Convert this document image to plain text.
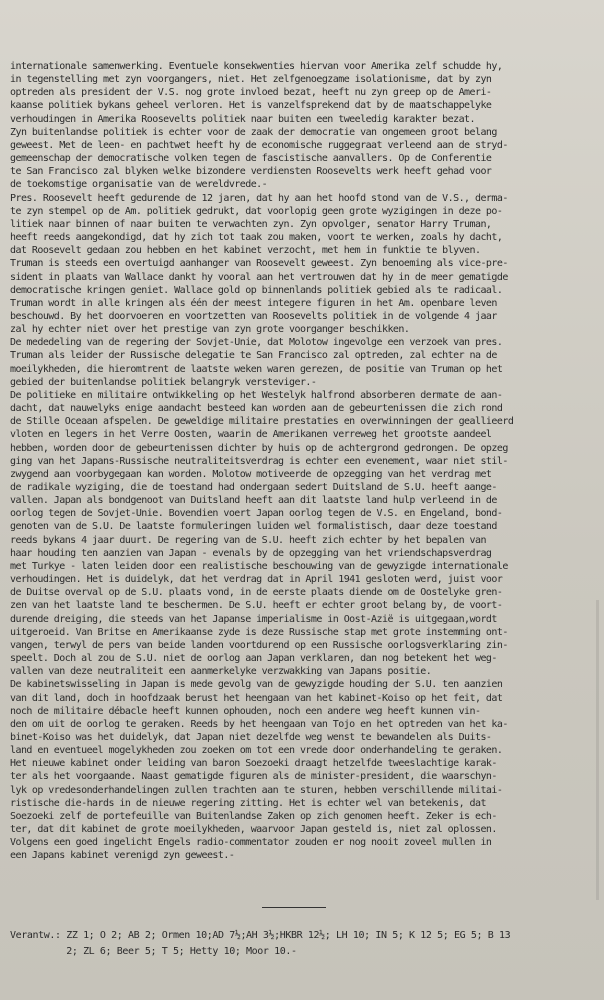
internationale samenwerking. Eventuele konsekwenties hiervan voor Amerika zelf schudde hy,
in tegenstelling met zyn voorgangers, niet. Het zelfgenoegzame isolationisme, dat by zyn
optreden als president der V.S. nog grote invloed bezat, heeft nu zyn greep op de Ameri-
kaanse politiek bykans geheel verloren. Het is vanzelfsprekend dat by de maatschappelyke
verhoudingen in Amerika Roosevelts politiek naar buiten een tweeledig karakter bezat.
Zyn buitenlandse politiek is echter voor de zaak der democratie van ongemeen groot belang
geweest. Met de leen- en pachtwet heeft hy de economische ruggegraat verleend aan de stryd-
gemeenschap der democratische volken tegen de fascistische aanvallers. Op de Conferentie
te San Francisco zal blyken welke bizondere verdiensten Roosevelts werk heeft gehad voor
de toekomstige organisatie van de wereldvrede.-
Pres. Roosevelt heeft gedurende de 12 jaren, dat hy aan het hoofd stond van de V.S., derma-
te zyn stempel op de Am. politiek gedrukt, dat voorlopig geen grote wyzigingen in deze po-
litiek naar binnen of naar buiten te verwachten zyn. Zyn opvolger, senator Harry Truman,
heeft reeds aangekondigd, dat hy zich tot taak zou maken, voort te werken, zoals hy dacht,
dat Roosevelt gedaan zou hebben en het kabinet verzocht, met hem in funktie te blyven.
Truman is steeds een overtuigd aanhanger van Roosevelt geweest. Zyn benoeming als vice-pre-
sident in plaats van Wallace dankt hy vooral aan het vertrouwen dat hy in de meer gematigde
democratische kringen geniet. Wallace gold op binnenlands politiek gebied als te radicaal.
Truman wordt in alle kringen als één der meest integere figuren in het Am. openbare leven
beschouwd. By het doorvoeren en voortzetten van Roosevelts politiek in de volgende 4 jaar
zal hy echter niet over het prestige van zyn grote voorganger beschikken.
De mededeling van de regering der Sovjet-Unie, dat Molotow ingevolge een verzoek van pres.
Truman als leider der Russische delegatie te San Francisco zal optreden, zal echter na de
moeilykheden, die hieromtrent de laatste weken waren gerezen, de positie van Truman op het
gebied der buitenlandse politiek belangryk versteviger.-
De politieke en militaire ontwikkeling op het Westelyk halfrond absorberen dermate de aan-
dacht, dat nauwelyks enige aandacht besteed kan worden aan de gebeurtenissen die zich rond
de Stille Oceaan afspelen. De geweldige militaire prestaties en overwinningen der geallieerd
vloten en legers in het Verre Oosten, waarin de Amerikanen verreweg het grootste aandeel
hebben, worden door de gebeurtenissen dichter by huis op de achtergrond gedrongen. De opzeg
ging van het Japans-Russische neutraliteitsverdrag is echter een evenement, waar niet stil-
zwygend aan voorbygegaan kan worden. Molotow motiveerde de opzegging van het verdrag met
de radikale wyziging, die de toestand had ondergaan sedert Duitsland de S.U. heeft aange-
vallen. Japan als bondgenoot van Duitsland heeft aan dit laatste land hulp verleend in de
oorlog tegen de Sovjet-Unie. Bovendien voert Japan oorlog tegen de V.S. en Engeland, bond-
genoten van de S.U. De laatste formuleringen luiden wel formalistisch, daar deze toestand
reeds bykans 4 jaar duurt. De regering van de S.U. heeft zich echter by het bepalen van
haar houding ten aanzien van Japan - evenals by de opzegging van het vriendschapsverdrag
met Turkye - laten leiden door een realistische beschouwing van de gewyzigde internationale
verhoudingen. Het is duidelyk, dat het verdrag dat in April 1941 gesloten werd, juist voor
de Duitse overval op de S.U. plaats vond, in de eerste plaats diende om de Oostelyke gren-
zen van het laatste land te beschermen. De S.U. heeft er echter groot belang by, de voort-
durende dreiging, die steeds van het Japanse imperialisme in Oost-Azië is uitgegaan,wordt
uitgeroeid. Van Britse en Amerikaanse zyde is deze Russische stap met grote instemming ont-
vangen, terwyl de pers van beide landen voortdurend op een Russische oorlogsverklaring zin-
speelt. Doch al zou de S.U. niet de oorlog aan Japan verklaren, dan nog betekent het weg-
vallen van deze neutraliteit een aanmerkelyke verzwakking van Japans positie.
De kabinetswisseling in Japan is mede gevolg van de gewyzigde houding der S.U. ten aanzien
van dit land, doch in hoofdzaak berust het heengaan van het kabinet-Koiso op het feit, dat
noch de militaire débacle heeft kunnen ophouden, noch een andere weg heeft kunnen vin-
den om uit de oorlog te geraken. Reeds by het heengaan van Tojo en het optreden van het ka-
binet-Koiso was het duidelyk, dat Japan niet dezelfde weg wenst te bewandelen als Duits-
land en eventueel mogelykheden zou zoeken om tot een vrede door onderhandeling te geraken.
Het nieuwe kabinet onder leiding van baron Soezoeki draagt hetzelfde tweeslachtige karak-
ter als het voorgaande. Naast gematigde figuren als de minister-president, die waarschyn-
lyk op vredesonderhandelingen zullen trachten aan te sturen, hebben verschillende militai-
ristische die-hards in de nieuwe regering zitting. Het is echter wel van betekenis, dat
Soezoeki zelf de portefeuille van Buitenlandse Zaken op zich genomen heeft. Zeker is ech-
ter, dat dit kabinet de grote moeilykheden, waarvoor Japan gesteld is, niet zal oplossen.
Volgens een goed ingelicht Engels radio-commentator zouden er nog nooit zoveel mullen in
een Japans kabinet verenigd zyn geweest.-
Verantw.: ZZ 1; O 2; AB 2; Ormen 10;AD 7½;AH 3½;HKBR 12½; LH 10; IN 5; K 12 5; EG 5; B 13
2; ZL 6; Beer 5; T 5; Hetty 10; Moor 10.-
